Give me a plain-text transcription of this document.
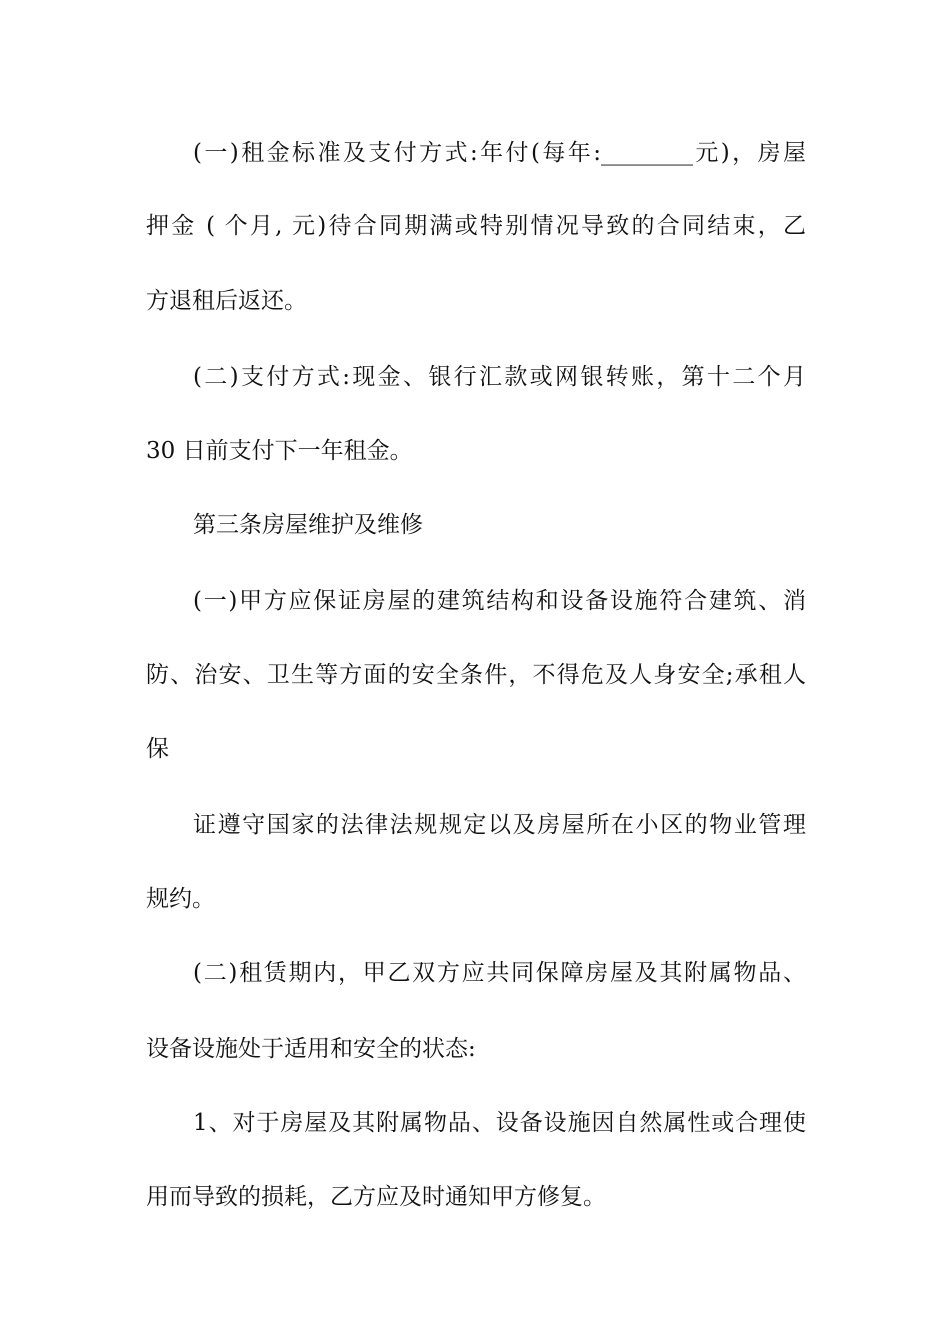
(一)租金标准及支付方式:年付(每年:________元)，房屋
押金 ( 个月, 元)待合同期满或特别情况导致的合同结束，乙
方退租后返还。
(二)支付方式:现金、银行汇款或网银转账，第十二个月
30 日前支付下一年租金。
第三条房屋维护及维修
(一)甲方应保证房屋的建筑结构和设备设施符合建筑、消
防、治安、卫生等方面的安全条件，不得危及人身安全;承租人
保
证遵守国家的法律法规规定以及房屋所在小区的物业管理
规约。
(二)租赁期内，甲乙双方应共同保障房屋及其附属物品、
设备设施处于适用和安全的状态:
1、对于房屋及其附属物品、设备设施因自然属性或合理使
用而导致的损耗，乙方应及时通知甲方修复。
